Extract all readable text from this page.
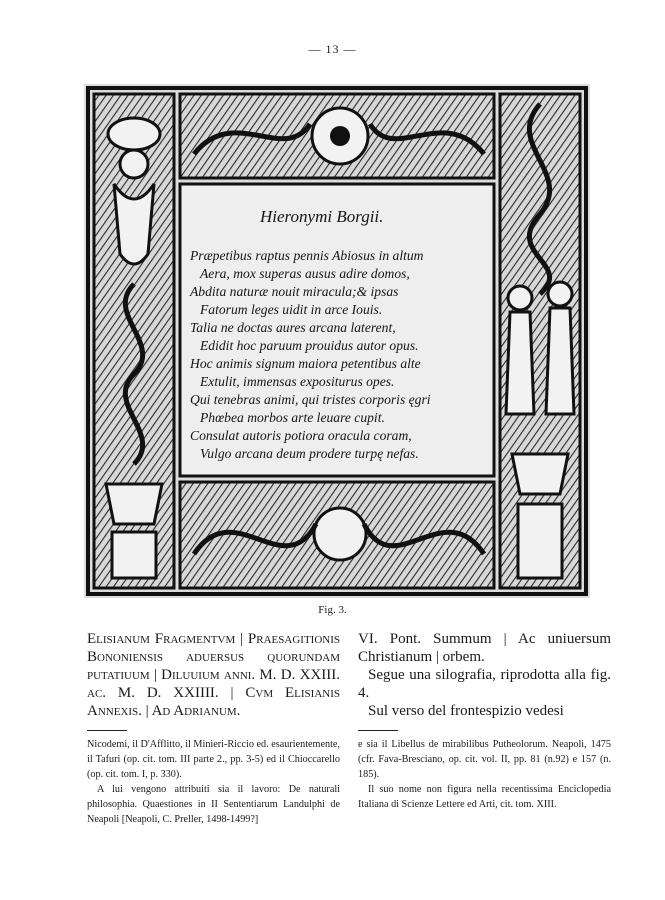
— 13 —
Hieronymi Borgii.
Præpetibus raptus pennis Abiosus in altum
Aera, mox superas ausus adire domos,
Abdita naturæ nouit miracula;& ipsas
Fatorum leges uidit in arce Iouis.
Talia ne doctas aures arcana laterent,
Edidit hoc paruum prouidus autor opus.
Hoc animis signum maiora petentibus alte
Extulit, immensas expositurus opes.
Qui tenebras animi, qui tristes corporis ęgri
Phœbea morbos arte leuare cupit.
Consulat autoris potiora oracula coram,
Vulgo arcana deum prodere turpę nefas.
Fig. 3.

Elisianum Fragmentvm | Praesagitionis Bononiensis aduersus quorundam putatiuum | Diluuium anni. M. D. XXIII. ac. M. D. XXIIII. | Cvm Elisianis Annexis. | Ad Adrianum.

Nicodemi, il D'Afflitto, il Minieri-Riccio ed. esaurientemente, il Tafuri (op. cit. tom. III parte 2., pp. 3-5) ed il Chioccarello (op. cit. tom. I, p. 330).

A lui vengono attribuiti sia il lavoro: De naturali philosophia. Quaestiones in II Sententiarum Landulphi de Neapoli [Neapoli, C. Preller, 1498-1499?]

VI. Pont. Summum | Ac uniuersum Christianum | orbem.

Segue una silografia, riprodotta alla fig. 4.

Sul verso del frontespizio vedesi

e sia il Libellus de mirabilibus Putheolorum. Neapoli, 1475 (cfr. Fava-Bresciano, op. cit. vol. II, pp. 81 (n.92) e 157 (n. 185).

Il suo nome non figura nella recentissima Enciclopedia Italiana di Scienze Lettere ed Arti, cit. tom. XIII.
